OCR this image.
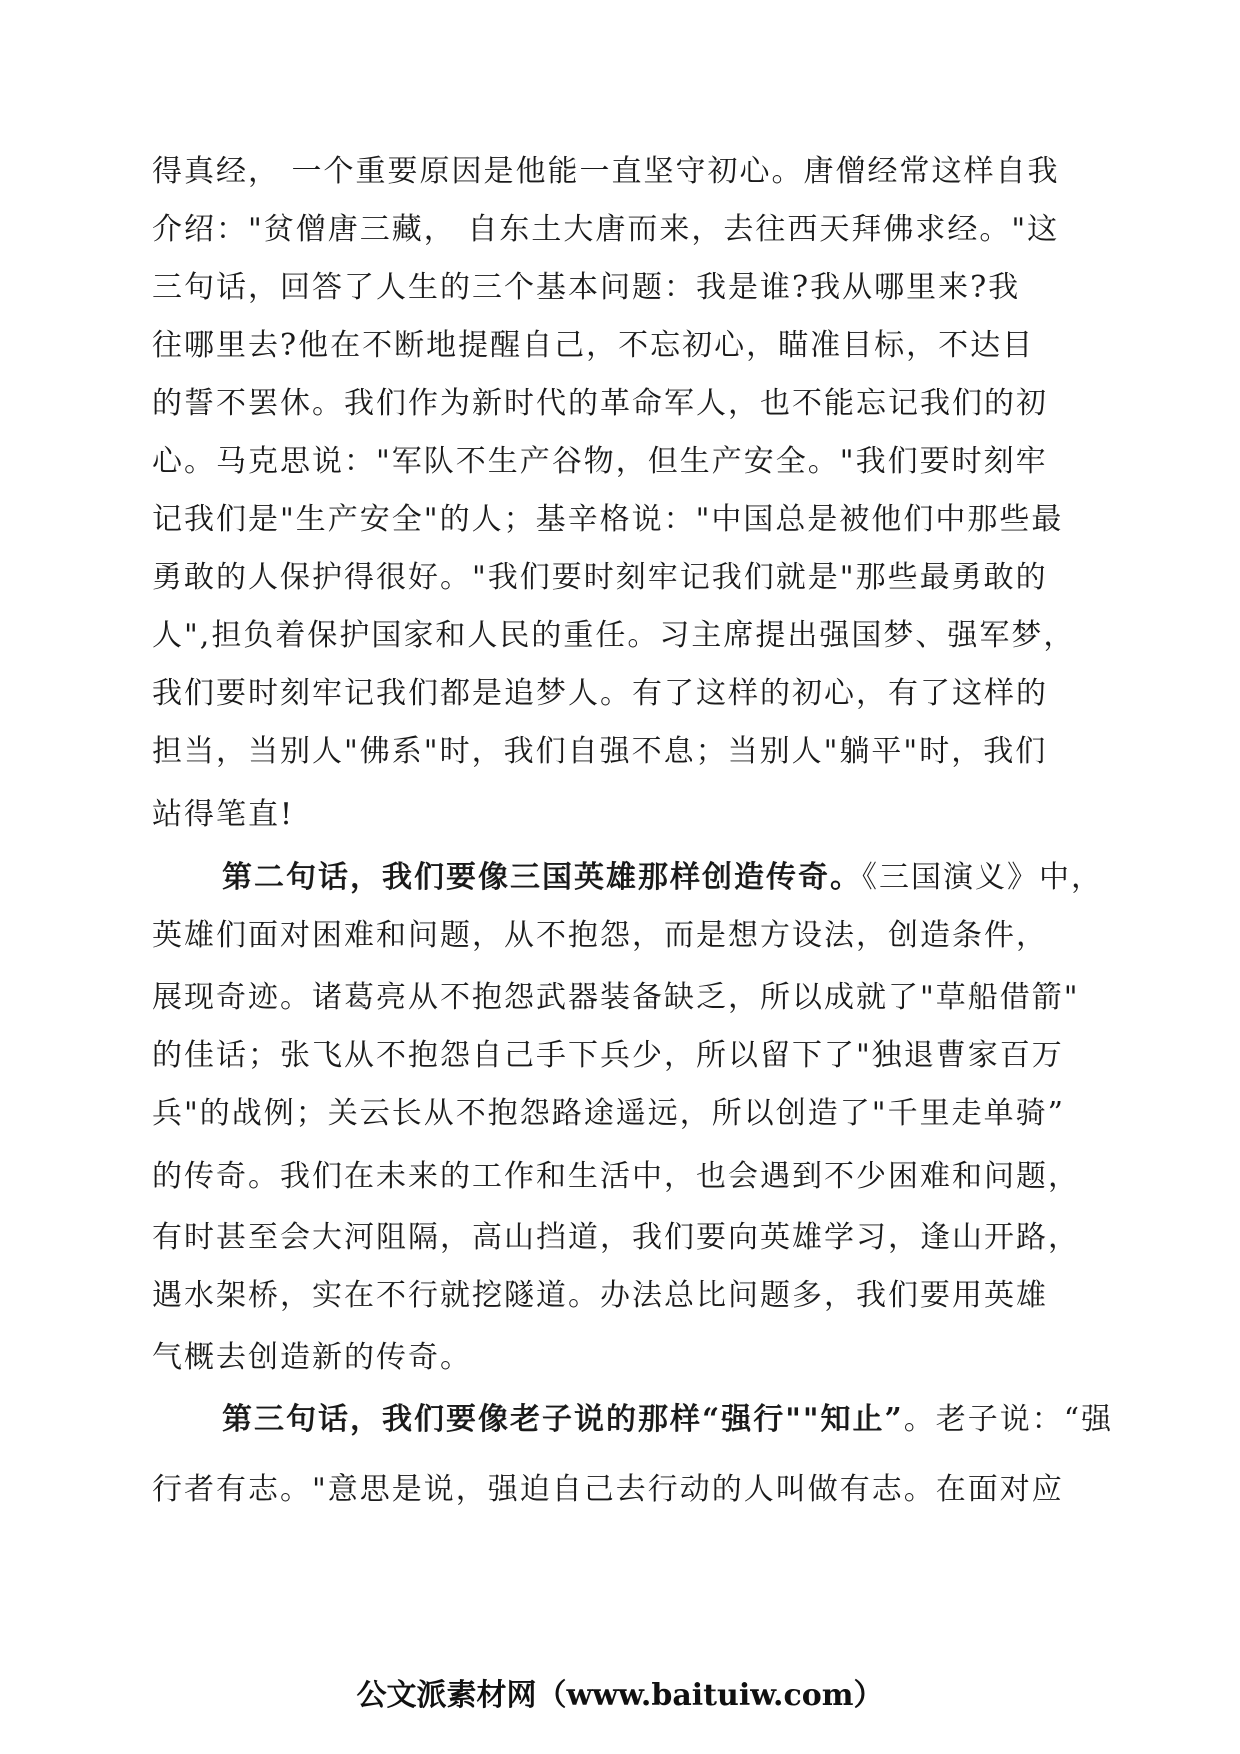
得真经， 一个重要原因是他能一直坚守初心。唐僧经常这样自我
介绍："贫僧唐三藏， 自东土大唐而来，去往西天拜佛求经。"这
三句话，回答了人生的三个基本问题：我是谁?我从哪里来?我
往哪里去?他在不断地提醒自己，不忘初心，瞄准目标，不达目
的誓不罢休。我们作为新时代的革命军人，也不能忘记我们的初
心。马克思说："军队不生产谷物，但生产安全。"我们要时刻牢
记我们是"生产安全"的人；基辛格说："中国总是被他们中那些最
勇敢的人保护得很好。"我们要时刻牢记我们就是"那些最勇敢的
人",担负着保护国家和人民的重任。习主席提出强国梦、强军梦，
我们要时刻牢记我们都是追梦人。有了这样的初心，有了这样的
担当，当别人"佛系"时，我们自强不息；当别人"躺平"时，我们
站得笔直!
第二句话，我们要像三国英雄那样创造传奇。《三国演义》中，
英雄们面对困难和问题，从不抱怨，而是想方设法，创造条件，
展现奇迹。诸葛亮从不抱怨武器装备缺乏，所以成就了"草船借箭"
的佳话；张飞从不抱怨自己手下兵少，所以留下了"独退曹家百万
兵"的战例；关云长从不抱怨路途遥远，所以创造了"千里走单骑”
的传奇。我们在未来的工作和生活中，也会遇到不少困难和问题，
有时甚至会大河阻隔，高山挡道，我们要向英雄学习，逢山开路，
遇水架桥，实在不行就挖隧道。办法总比问题多，我们要用英雄
气概去创造新的传奇。
第三句话，我们要像老子说的那样“强行""知止”。老子说：“强
行者有志。"意思是说，强迫自己去行动的人叫做有志。在面对应
公文派素材网（www.baituiw.com）
